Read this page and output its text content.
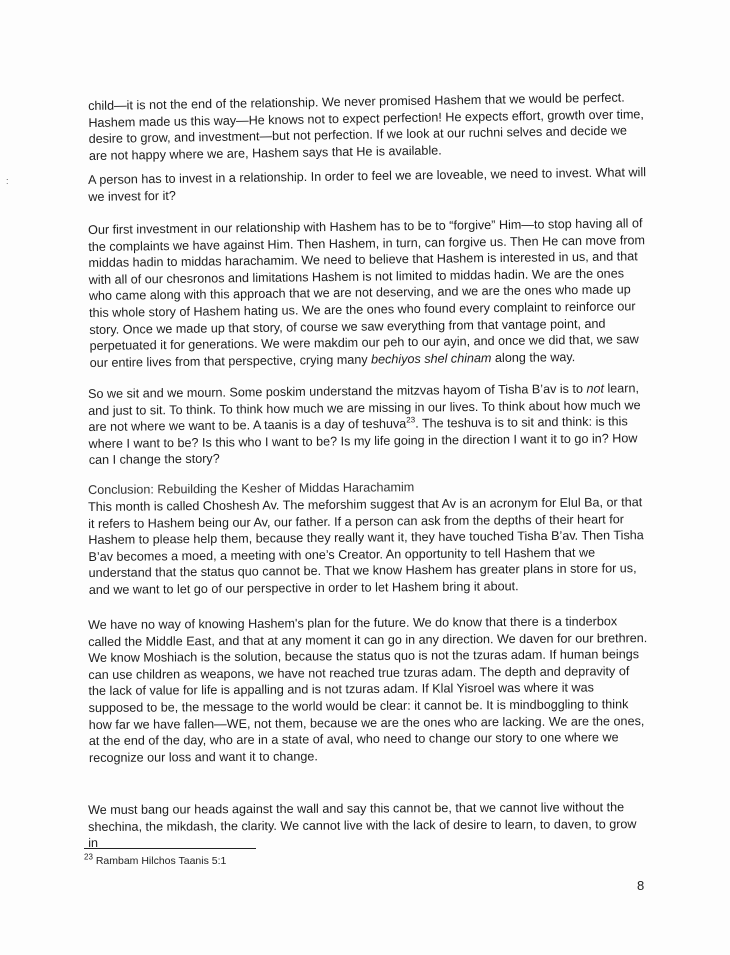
:

child—it is not the end of the relationship. We never promised Hashem that we would be perfect. Hashem made us this way—He knows not to expect perfection! He expects effort, growth over time, desire to grow, and investment—but not perfection. If we look at our ruchni selves and decide we are not happy where we are, Hashem says that He is available.

A person has to invest in a relationship. In order to feel we are loveable, we need to invest. What will we invest for it?

Our first investment in our relationship with Hashem has to be to “forgive” Him—to stop having all of the complaints we have against Him. Then Hashem, in turn, can forgive us. Then He can move from middas hadin to middas harachamim. We need to believe that Hashem is interested in us, and that with all of our chesronos and limitations Hashem is not limited to middas hadin. We are the ones who came along with this approach that we are not deserving, and we are the ones who made up this whole story of Hashem hating us. We are the ones who found every complaint to reinforce our story. Once we made up that story, of course we saw everything from that vantage point, and perpetuated it for generations. We were makdim our peh to our ayin, and once we did that, we saw our entire lives from that perspective, crying many bechiyos shel chinam along the way.

So we sit and we mourn. Some poskim understand the mitzvas hayom of Tisha B’av is to not learn, and just to sit. To think. To think how much we are missing in our lives. To think about how much we are not where we want to be. A taanis is a day of teshuva$^{23}$. The teshuva is to sit and think: is this where I want to be? Is this who I want to be? Is my life going in the direction I want it to go in? How can I change the story?

Conclusion: Rebuilding the Kesher of Middas Harachamim

This month is called Choshesh Av. The meforshim suggest that Av is an acronym for Elul Ba, or that it refers to Hashem being our Av, our father. If a person can ask from the depths of their heart for Hashem to please help them, because they really want it, they have touched Tisha B’av. Then Tisha B’av becomes a moed, a meeting with one’s Creator. An opportunity to tell Hashem that we understand that the status quo cannot be. That we know Hashem has greater plans in store for us, and we want to let go of our perspective in order to let Hashem bring it about.

We have no way of knowing Hashem's plan for the future. We do know that there is a tinderbox called the Middle East, and that at any moment it can go in any direction. We daven for our brethren. We know Moshiach is the solution, because the status quo is not the tzuras adam. If human beings can use children as weapons, we have not reached true tzuras adam. The depth and depravity of the lack of value for life is appalling and is not tzuras adam. If Klal Yisroel was where it was supposed to be, the message to the world would be clear: it cannot be. It is mindboggling to think how far we have fallen—WE, not them, because we are the ones who are lacking. We are the ones, at the end of the day, who are in a state of aval, who need to change our story to one where we recognize our loss and want it to change.

We must bang our heads against the wall and say this cannot be, that we cannot live without the shechina, the mikdash, the clarity. We cannot live with the lack of desire to learn, to daven, to grow in

$^{23}$ Rambam Hilchos Taanis 5:1
8
